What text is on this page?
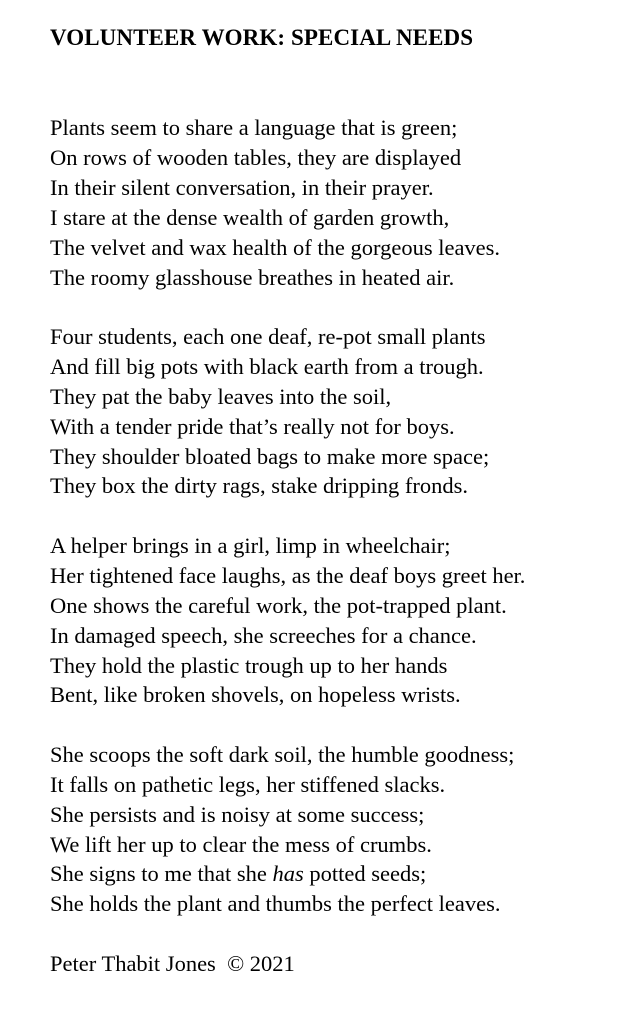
VOLUNTEER WORK: SPECIAL NEEDS
Plants seem to share a language that is green;
On rows of wooden tables, they are displayed
In their silent conversation, in their prayer.
I stare at the dense wealth of garden growth,
The velvet and wax health of the gorgeous leaves.
The roomy glasshouse breathes in heated air.
Four students, each one deaf, re-pot small plants
And fill big pots with black earth from a trough.
They pat the baby leaves into the soil,
With a tender pride that’s really not for boys.
They shoulder bloated bags to make more space;
They box the dirty rags, stake dripping fronds.
A helper brings in a girl, limp in wheelchair;
Her tightened face laughs, as the deaf boys greet her.
One shows the careful work, the pot-trapped plant.
In damaged speech, she screeches for a chance.
They hold the plastic trough up to her hands
Bent, like broken shovels, on hopeless wrists.
She scoops the soft dark soil, the humble goodness;
It falls on pathetic legs, her stiffened slacks.
She persists and is noisy at some success;
We lift her up to clear the mess of crumbs.
She signs to me that she has potted seeds;
She holds the plant and thumbs the perfect leaves.
Peter Thabit Jones © 2021
